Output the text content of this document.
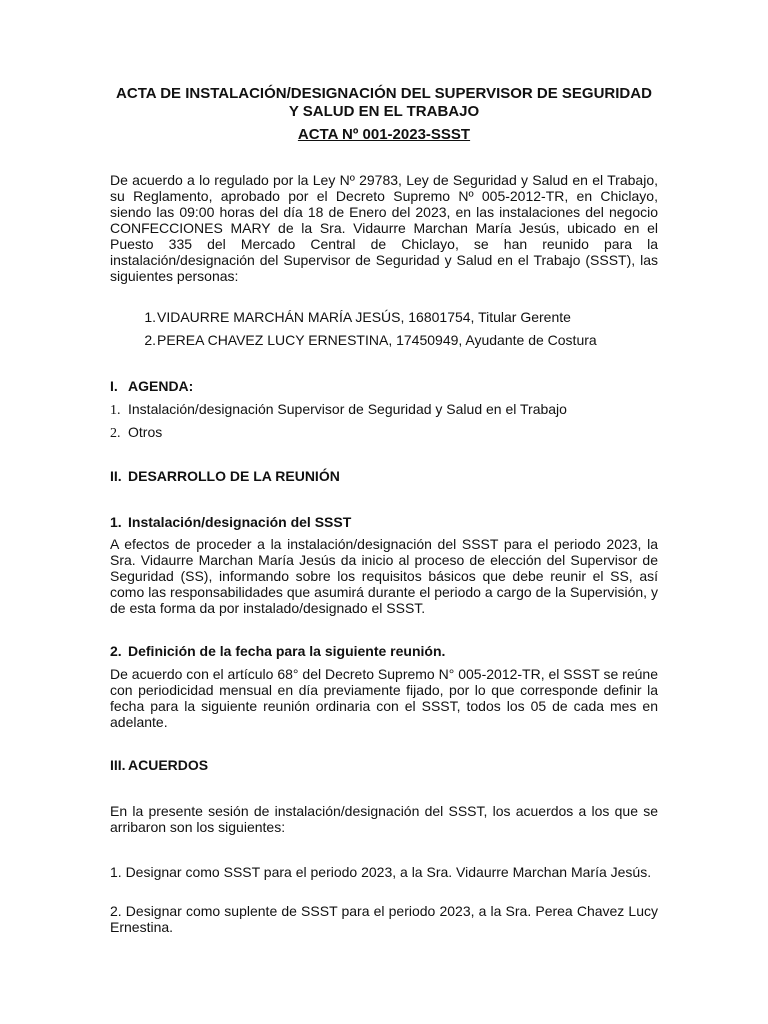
ACTA DE INSTALACIÓN/DESIGNACIÓN DEL SUPERVISOR DE SEGURIDAD Y SALUD EN EL TRABAJO

ACTA Nº 001-2023-SSST

De acuerdo a lo regulado por la Ley Nº 29783, Ley de Seguridad y Salud en el Trabajo, su Reglamento, aprobado por el Decreto Supremo Nº 005-2012-TR, en Chiclayo, siendo las 09:00 horas del día 18 de Enero del 2023, en las instalaciones del negocio CONFECCIONES MARY de la Sra. Vidaurre Marchan María Jesús, ubicado en el Puesto 335 del Mercado Central de Chiclayo, se han reunido para la instalación/designación del Supervisor de Seguridad y Salud en el Trabajo (SSST), las siguientes personas:

1. VIDAURRE MARCHÁN MARÍA JESÚS, 16801754, Titular Gerente
2. PEREA CHAVEZ LUCY ERNESTINA, 17450949, Ayudante de Costura
I. AGENDA:
1. Instalación/designación Supervisor de Seguridad y Salud en el Trabajo
2. Otros
II. DESARROLLO DE LA REUNIÓN
1. Instalación/designación del SSST

A efectos de proceder a la instalación/designación del SSST para el periodo 2023, la Sra. Vidaurre Marchan María Jesús da inicio al proceso de elección del Supervisor de Seguridad (SS), informando sobre los requisitos básicos que debe reunir el SS, así como las responsabilidades que asumirá durante el periodo a cargo de la Supervisión, y de esta forma da por instalado/designado el SSST.

2. Definición de la fecha para la siguiente reunión.

De acuerdo con el artículo 68° del Decreto Supremo N° 005-2012-TR, el SSST se reúne con periodicidad mensual en día previamente fijado, por lo que corresponde definir la fecha para la siguiente reunión ordinaria con el SSST, todos los 05 de cada mes en adelante.

III. ACUERDOS

En la presente sesión de instalación/designación del SSST, los acuerdos a los que se arribaron son los siguientes:

1. Designar como SSST para el periodo 2023, a la Sra. Vidaurre Marchan María Jesús.

2. Designar como suplente de SSST para el periodo 2023, a la Sra. Perea Chavez Lucy Ernestina.
